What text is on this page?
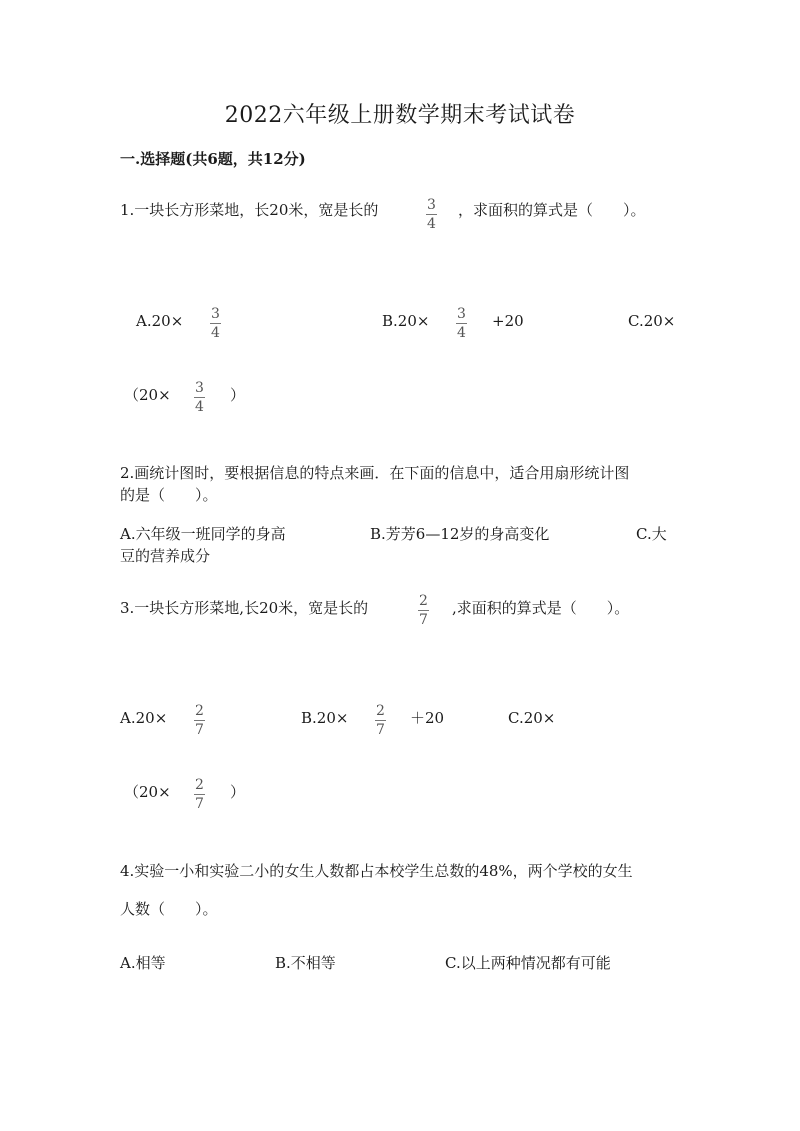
2022六年级上册数学期末考试试卷
一.选择题(共6题，共12分)
1.一块长方形菜地，长20米，宽是长的	3
4
，求面积的算式是（　　）。
A.20× 3
4
B.20× 3
4
+20	C.20×
（20× 3
4
）
2.画统计图时，要根据信息的特点来画．在下面的信息中，适合用扇形统计图
的是（　　）。
A.六年级一班同学的身高	B.芳芳6—12岁的身高变化	C.大
豆的营养成分
3.一块长方形菜地,长20米，宽是长的	2
7
,求面积的算式是（　　）。
A.20× 2
7
B.20× 2
7
＋20	C.20×
（20× 2
7
）
4.实验一小和实验二小的女生人数都占本校学生总数的48%，两个学校的女生
人数（　　）。
A.相等	B.不相等	C.以上两种情况都有可能
